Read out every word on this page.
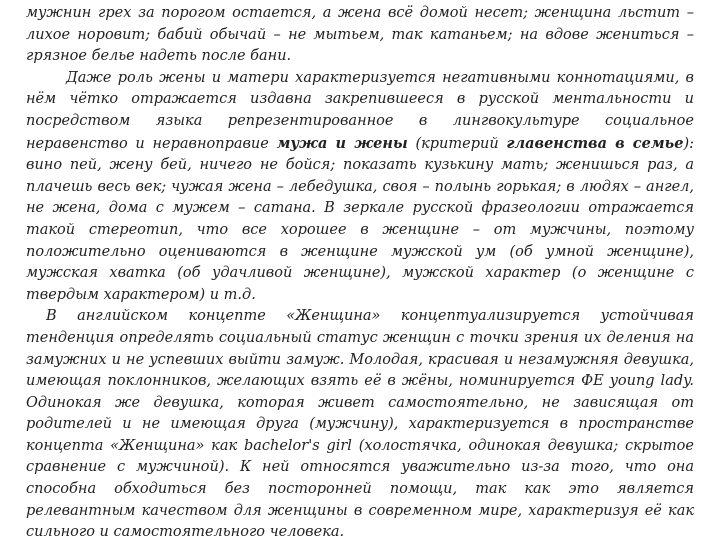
мужнин грех за порогом остается, а жена всё домой несет; женщина льстит – лихое норовит; бабий обычай – не мытьем, так катаньем; на вдове жениться – грязное белье надеть после бани.

Даже роль жены и матери характеризуется негативными коннотациями, в нём чётко отражается издавна закрепившееся в русской ментальности и посредством языка репрезентированное в лингвокультуре социальное неравенство и неравноправие мужа и жены (критерий главенства в семье): вино пей, жену бей, ничего не бойся; показать кузькину мать; женишься раз, а плачешь весь век; чужая жена – лебедушка, своя – полынь горькая; в людях – ангел, не жена, дома с мужем – сатана. В зеркале русской фразеологии отражается такой стереотип, что все хорошее в женщине – от мужчины, поэтому положительно оцениваются в женщине мужской ум (об умной женщине), мужская хватка (об удачливой женщине), мужской характер (о женщине с твердым характером) и т.д.

В английском концепте «Женщина» концептуализируется устойчивая тенденция определять социальный статус женщин с точки зрения их деления на замужних и не успевших выйти замуж. Молодая, красивая и незамужняя девушка, имеющая поклонников, желающих взять её в жёны, номинируется ФЕ young lady. Одинокая же девушка, которая живет самостоятельно, не зависящая от родителей и не имеющая друга (мужчину), характеризуется в пространстве концепта «Женщина» как bachelor's girl (холостячка, одинокая девушка; скрытое сравнение с мужчиной). К ней относятся уважительно из-за того, что она способна обходиться без посторонней помощи, так как это является релевантным качеством для женщины в современном мире, характеризуя её как сильного и самостоятельного человека.
